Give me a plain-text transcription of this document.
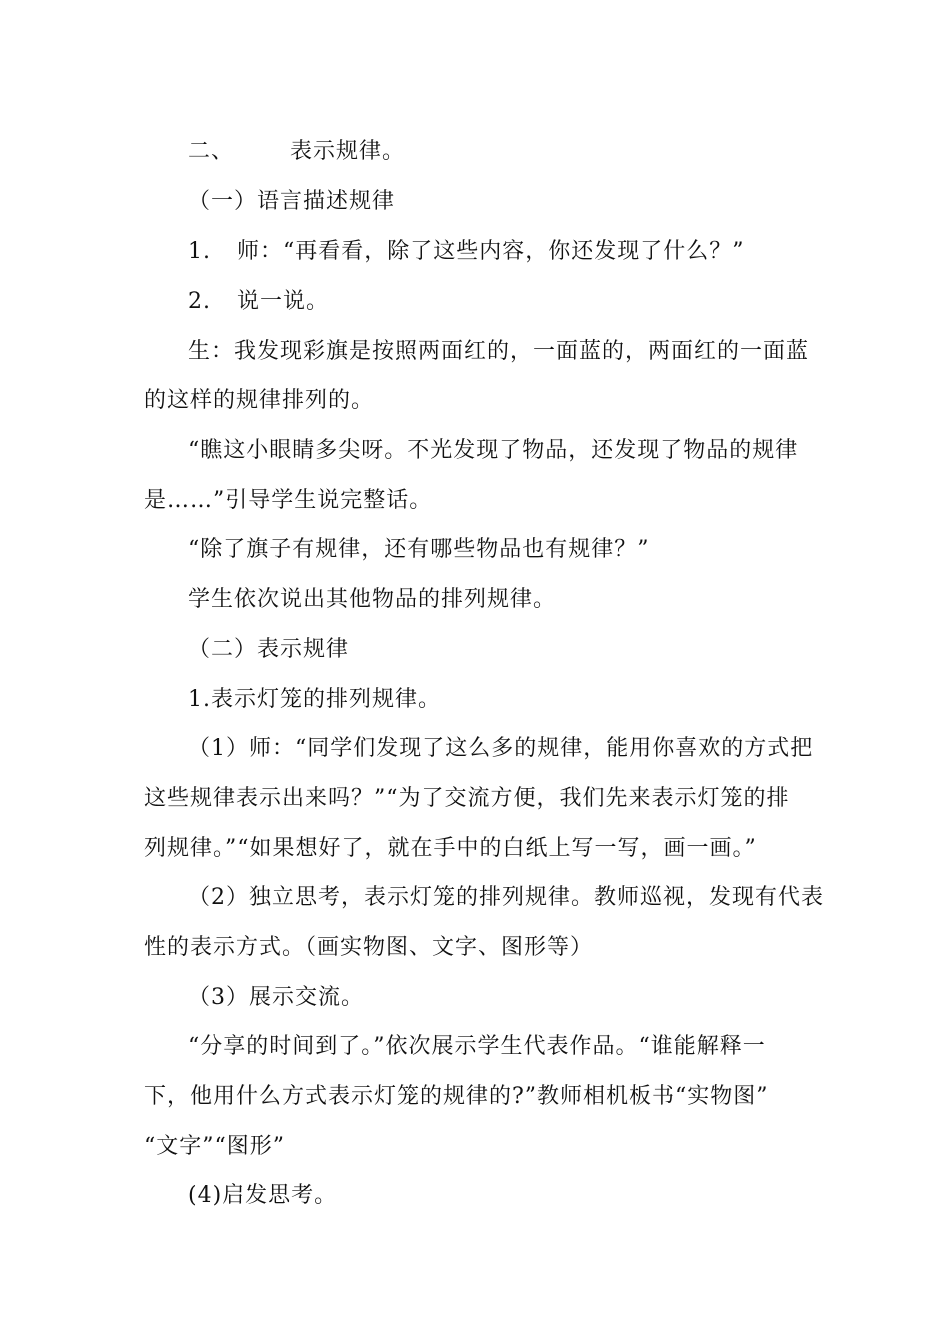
二、	表示规律。
（一）语言描述规律
1. 师：“再看看，除了这些内容，你还发现了什么？”
2. 说一说。
生：我发现彩旗是按照两面红的，一面蓝的，两面红的一面蓝
的这样的规律排列的。
“瞧这小眼睛多尖呀。不光发现了物品，还发现了物品的规律
是……”引导学生说完整话。
“除了旗子有规律，还有哪些物品也有规律？”
学生依次说出其他物品的排列规律。
（二）表示规律
1.表示灯笼的排列规律。
（1）师：“同学们发现了这么多的规律，能用你喜欢的方式把
这些规律表示出来吗？”“为了交流方便，我们先来表示灯笼的排
列规律。”“如果想好了，就在手中的白纸上写一写，画一画。”
（2）独立思考，表示灯笼的排列规律。教师巡视，发现有代表
性的表示方式。（画实物图、文字、图形等）
（3）展示交流。
“分享的时间到了。”依次展示学生代表作品。“谁能解释一
下，他用什么方式表示灯笼的规律的?”教师相机板书“实物图”
“文字”“图形”
(4)启发思考。
